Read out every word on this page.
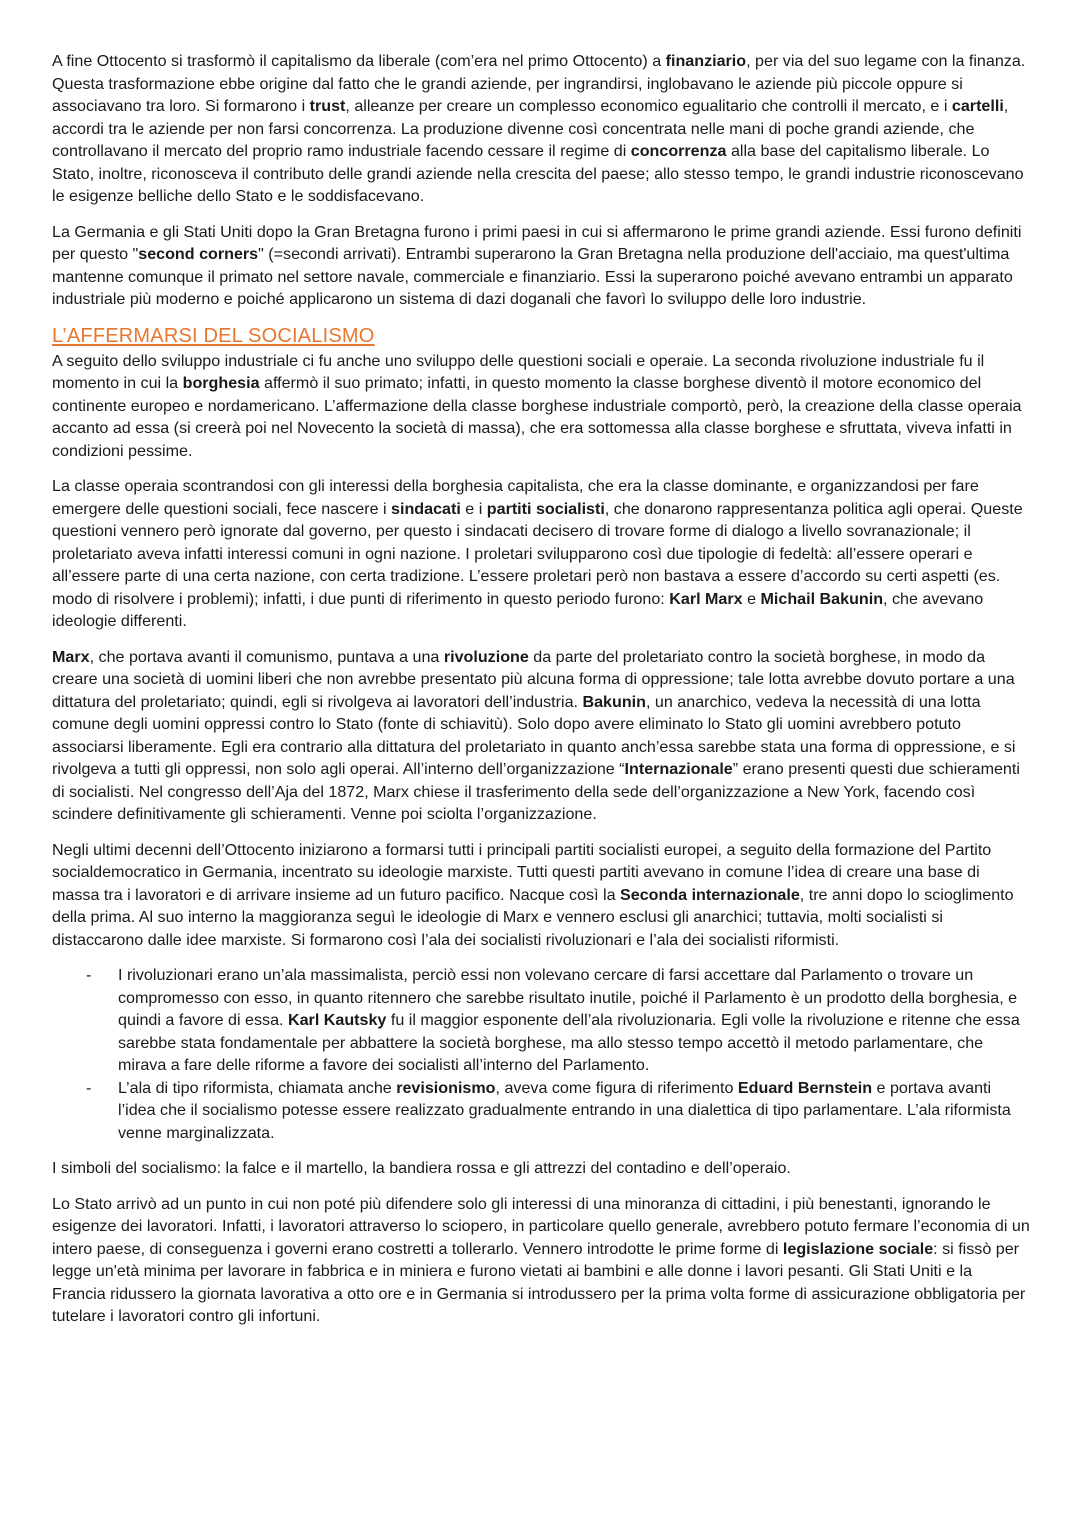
A fine Ottocento si trasformò il capitalismo da liberale (com’era nel primo Ottocento) a finanziario, per via del suo legame con la finanza. Questa trasformazione ebbe origine dal fatto che le grandi aziende, per ingrandirsi, inglobavano le aziende più piccole oppure si associavano tra loro. Si formarono i trust, alleanze per creare un complesso economico egualitario che controlli il mercato, e i cartelli, accordi tra le aziende per non farsi concorrenza. La produzione divenne così concentrata nelle mani di poche grandi aziende, che controllavano il mercato del proprio ramo industriale facendo cessare il regime di concorrenza alla base del capitalismo liberale. Lo Stato, inoltre, riconosceva il contributo delle grandi aziende nella crescita del paese; allo stesso tempo, le grandi industrie riconoscevano le esigenze belliche dello Stato e le soddisfacevano.

La Germania e gli Stati Uniti dopo la Gran Bretagna furono i primi paesi in cui si affermarono le prime grandi aziende. Essi furono definiti per questo "second corners" (=secondi arrivati). Entrambi superarono la Gran Bretagna nella produzione dell'acciaio, ma quest'ultima mantenne comunque il primato nel settore navale, commerciale e finanziario. Essi la superarono poiché avevano entrambi un apparato industriale più moderno e poiché applicarono un sistema di dazi doganali che favorì lo sviluppo delle loro industrie.

L’AFFERMARSI DEL SOCIALISMO

A seguito dello sviluppo industriale ci fu anche uno sviluppo delle questioni sociali e operaie. La seconda rivoluzione industriale fu il momento in cui la borghesia affermò il suo primato; infatti, in questo momento la classe borghese diventò il motore economico del continente europeo e nordamericano. L’affermazione della classe borghese industriale comportò, però, la creazione della classe operaia accanto ad essa (si creerà poi nel Novecento la società di massa), che era sottomessa alla classe borghese e sfruttata, viveva infatti in condizioni pessime.

La classe operaia scontrandosi con gli interessi della borghesia capitalista, che era la classe dominante, e organizzandosi per fare emergere delle questioni sociali, fece nascere i sindacati e i partiti socialisti, che donarono rappresentanza politica agli operai. Queste questioni vennero però ignorate dal governo, per questo i sindacati decisero di trovare forme di dialogo a livello sovranazionale; il proletariato aveva infatti interessi comuni in ogni nazione. I proletari svilupparono così due tipologie di fedeltà: all’essere operari e all’essere parte di una certa nazione, con certa tradizione. L’essere proletari però non bastava a essere d’accordo su certi aspetti (es. modo di risolvere i problemi); infatti, i due punti di riferimento in questo periodo furono: Karl Marx e Michail Bakunin, che avevano ideologie differenti.

Marx, che portava avanti il comunismo, puntava a una rivoluzione da parte del proletariato contro la società borghese, in modo da creare una società di uomini liberi che non avrebbe presentato più alcuna forma di oppressione; tale lotta avrebbe dovuto portare a una dittatura del proletariato; quindi, egli si rivolgeva ai lavoratori dell’industria. Bakunin, un anarchico, vedeva la necessità di una lotta comune degli uomini oppressi contro lo Stato (fonte di schiavitù). Solo dopo avere eliminato lo Stato gli uomini avrebbero potuto associarsi liberamente. Egli era contrario alla dittatura del proletariato in quanto anch’essa sarebbe stata una forma di oppressione, e si rivolgeva a tutti gli oppressi, non solo agli operai. All’interno dell’organizzazione “Internazionale” erano presenti questi due schieramenti di socialisti. Nel congresso dell’Aja del 1872, Marx chiese il trasferimento della sede dell’organizzazione a New York, facendo così scindere definitivamente gli schieramenti. Venne poi sciolta l’organizzazione.

Negli ultimi decenni dell’Ottocento iniziarono a formarsi tutti i principali partiti socialisti europei, a seguito della formazione del Partito socialdemocratico in Germania, incentrato su ideologie marxiste. Tutti questi partiti avevano in comune l’idea di creare una base di massa tra i lavoratori e di arrivare insieme ad un futuro pacifico. Nacque così la Seconda internazionale, tre anni dopo lo scioglimento della prima. Al suo interno la maggioranza seguì le ideologie di Marx e vennero esclusi gli anarchici; tuttavia, molti socialisti si distaccarono dalle idee marxiste. Si formarono così l’ala dei socialisti rivoluzionari e l’ala dei socialisti riformisti.

- I rivoluzionari erano un’ala massimalista, perciò essi non volevano cercare di farsi accettare dal Parlamento o trovare un compromesso con esso, in quanto ritennero che sarebbe risultato inutile, poiché il Parlamento è un prodotto della borghesia, e quindi a favore di essa. Karl Kautsky fu il maggior esponente dell’ala rivoluzionaria. Egli volle la rivoluzione e ritenne che essa sarebbe stata fondamentale per abbattere la società borghese, ma allo stesso tempo accettò il metodo parlamentare, che mirava a fare delle riforme a favore dei socialisti all’interno del Parlamento.
- L’ala di tipo riformista, chiamata anche revisionismo, aveva come figura di riferimento Eduard Bernstein e portava avanti l’idea che il socialismo potesse essere realizzato gradualmente entrando in una dialettica di tipo parlamentare. L’ala riformista venne marginalizzata.

I simboli del socialismo: la falce e il martello, la bandiera rossa e gli attrezzi del contadino e dell’operaio.

Lo Stato arrivò ad un punto in cui non poté più difendere solo gli interessi di una minoranza di cittadini, i più benestanti, ignorando le esigenze dei lavoratori. Infatti, i lavoratori attraverso lo sciopero, in particolare quello generale, avrebbero potuto fermare l’economia di un intero paese, di conseguenza i governi erano costretti a tollerarlo. Vennero introdotte le prime forme di legislazione sociale: si fissò per legge un'età minima per lavorare in fabbrica e in miniera e furono vietati ai bambini e alle donne i lavori pesanti. Gli Stati Uniti e la Francia ridussero la giornata lavorativa a otto ore e in Germania si introdussero per la prima volta forme di assicurazione obbligatoria per tutelare i lavoratori contro gli infortuni.
